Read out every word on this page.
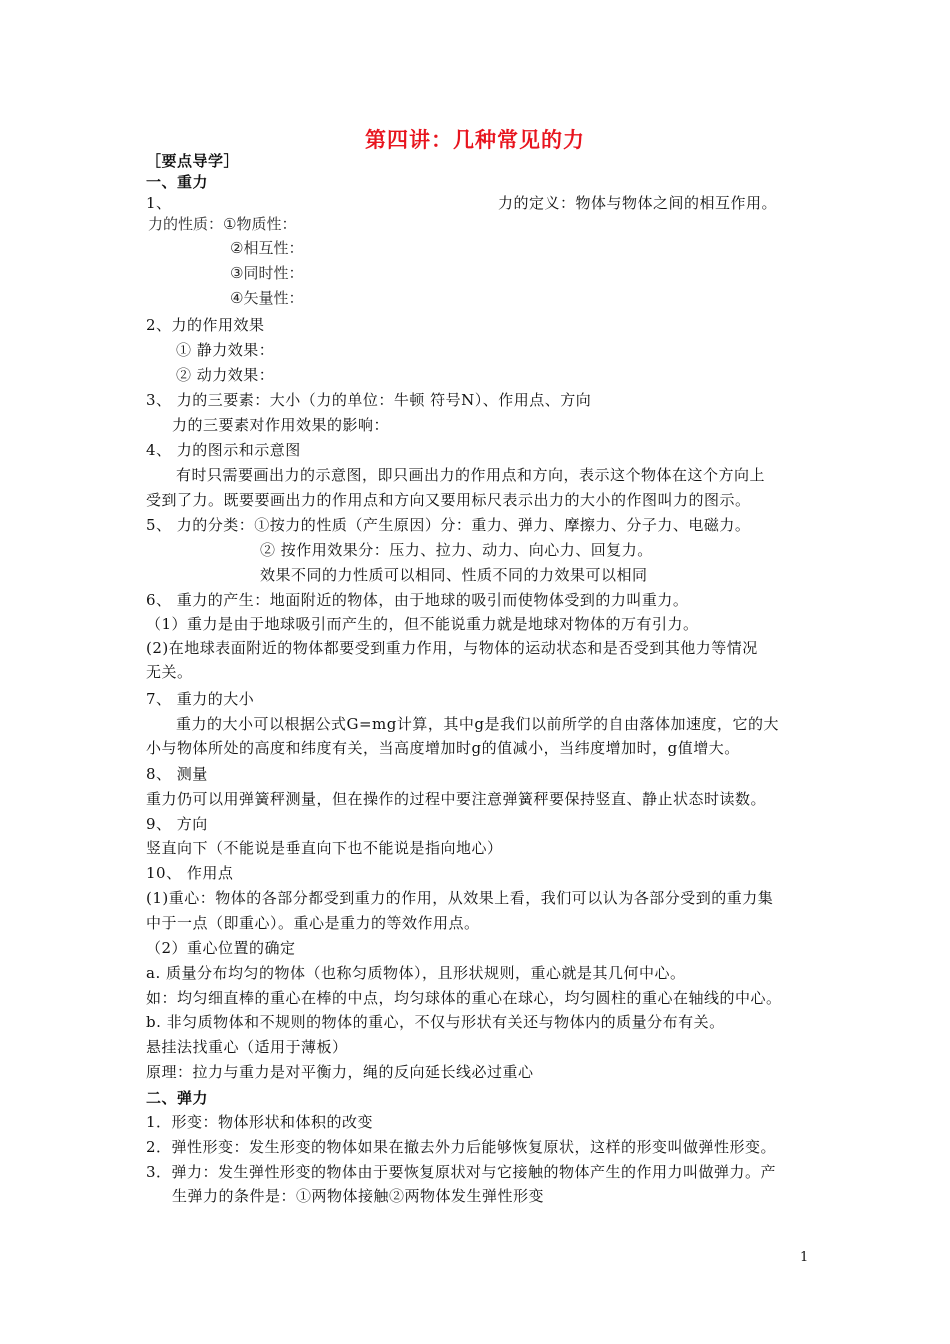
第四讲：几种常见的力
［要点导学］
一、重力
1、	力的定义：物体与物体之间的相互作用。
力的性质：①物质性：
②相互性：
③同时性：
④矢量性：
2、力的作用效果
① 静力效果：
② 动力效果：
3、 力的三要素：大小（力的单位：牛顿 符号N）、作用点、方向
力的三要素对作用效果的影响：
4、 力的图示和示意图
有时只需要画出力的示意图，即只画出力的作用点和方向，表示这个物体在这个方向上
受到了力。既要要画出力的作用点和方向又要用标尺表示出力的大小的作图叫力的图示。
5、 力的分类：①按力的性质（产生原因）分：重力、弹力、摩擦力、分子力、电磁力。
② 按作用效果分：压力、拉力、动力、向心力、回复力。
效果不同的力性质可以相同、性质不同的力效果可以相同
6、 重力的产生：地面附近的物体，由于地球的吸引而使物体受到的力叫重力。
（1）重力是由于地球吸引而产生的，但不能说重力就是地球对物体的万有引力。
(2)在地球表面附近的物体都要受到重力作用，与物体的运动状态和是否受到其他力等情况
无关。
7、 重力的大小
重力的大小可以根据公式G=mg计算，其中g是我们以前所学的自由落体加速度，它的大
小与物体所处的高度和纬度有关，当高度增加时g的值减小，当纬度增加时，g值增大。
8、 测量
重力仍可以用弹簧秤测量，但在操作的过程中要注意弹簧秤要保持竖直、静止状态时读数。
9、 方向
竖直向下（不能说是垂直向下也不能说是指向地心）
10、 作用点
(1)重心：物体的各部分都受到重力的作用，从效果上看，我们可以认为各部分受到的重力集
中于一点（即重心）。重心是重力的等效作用点。
（2）重心位置的确定
a. 质量分布均匀的物体（也称匀质物体），且形状规则，重心就是其几何中心。
如：均匀细直棒的重心在棒的中点，均匀球体的重心在球心，均匀圆柱的重心在轴线的中心。
b. 非匀质物体和不规则的物体的重心，不仅与形状有关还与物体内的质量分布有关。
悬挂法找重心（适用于薄板）
原理：拉力与重力是对平衡力，绳的反向延长线必过重心
二、弹力
1．形变：物体形状和体积的改变
2．弹性形变：发生形变的物体如果在撤去外力后能够恢复原状，这样的形变叫做弹性形变。
3．弹力：发生弹性形变的物体由于要恢复原状对与它接触的物体产生的作用力叫做弹力。产
生弹力的条件是：①两物体接触②两物体发生弹性形变
1
